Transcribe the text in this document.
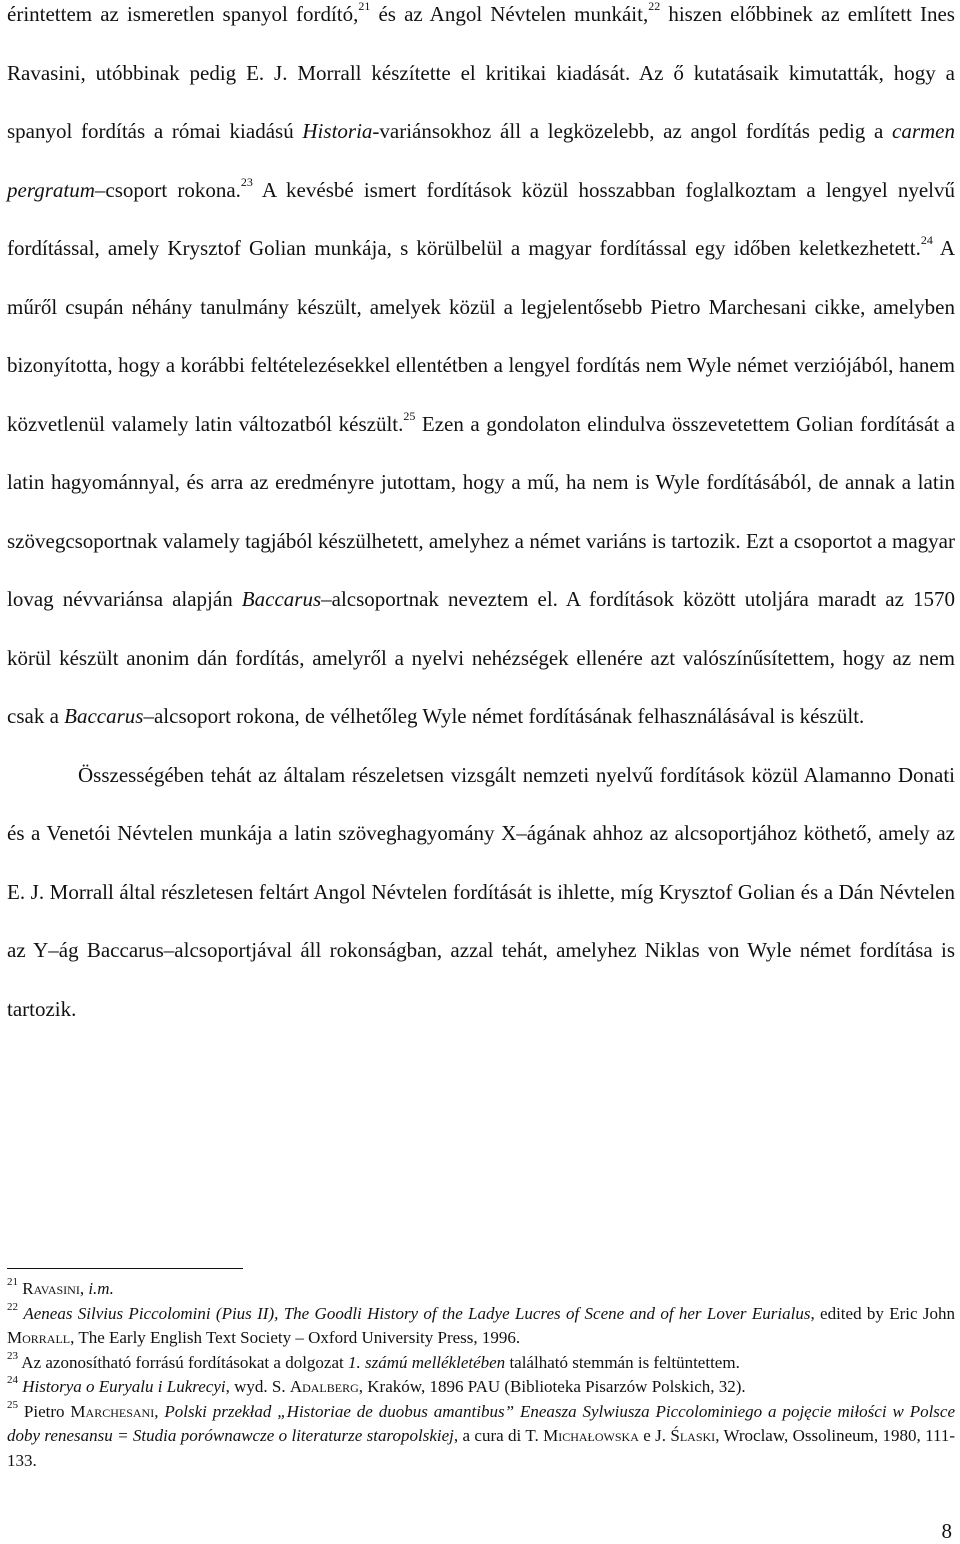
érintettem az ismeretlen spanyol fordító,$^{21}$ és az Angol Névtelen munkáit,$^{22}$ hiszen előbbinek az említett Ines Ravasini, utóbbinak pedig E. J. Morrall készítette el kritikai kiadását. Az ő kutatásaik kimutatták, hogy a spanyol fordítás a római kiadású Historia-variánsokhoz áll a legközelebb, az angol fordítás pedig a carmen pergratum–csoport rokona.$^{23}$ A kevésbé ismert fordítások közül hosszabban foglalkoztam a lengyel nyelvű fordítással, amely Krysztof Golian munkája, s körülbelül a magyar fordítással egy időben keletkezhetett.$^{24}$ A műről csupán néhány tanulmány készült, amelyek közül a legjelentősebb Pietro Marchesani cikke, amelyben bizonyította, hogy a korábbi feltételezésekkel ellentétben a lengyel fordítás nem Wyle német verziójából, hanem közvetlenül valamely latin változatból készült.$^{25}$ Ezen a gondolaton elindulva összevetettem Golian fordítását a latin hagyománnyal, és arra az eredményre jutottam, hogy a mű, ha nem is Wyle fordításából, de annak a latin szövegcsoportnak valamely tagjából készülhetett, amelyhez a német variáns is tartozik. Ezt a csoportot a magyar lovag névvariánsa alapján Baccarus–alcsoportnak neveztem el. A fordítások között utoljára maradt az 1570 körül készült anonim dán fordítás, amelyről a nyelvi nehézségek ellenére azt valószínűsítettem, hogy az nem csak a Baccarus–alcsoport rokona, de vélhetőleg Wyle német fordításának felhasználásával is készült.

Összességében tehát az általam részeletsen vizsgált nemzeti nyelvű fordítások közül Alamanno Donati és a Venetói Névtelen munkája a latin szöveghagyomány X–ágának ahhoz az alcsoportjához köthető, amely az E. J. Morrall által részletesen feltárt Angol Névtelen fordítását is ihlette, míg Krysztof Golian és a Dán Névtelen az Y–ág Baccarus–alcsoportjával áll rokonságban, azzal tehát, amelyhez Niklas von Wyle német fordítása is tartozik.

$^{21}$ Ravasini, i.m.

$^{22}$ Aeneas Silvius Piccolomini (Pius II), The Goodli History of the Ladye Lucres of Scene and of her Lover Eurialus, edited by Eric John Morrall, The Early English Text Society – Oxford University Press, 1996.

$^{23}$ Az azonosítható forrású fordításokat a dolgozat 1. számú mellékletében található stemmán is feltüntettem.

$^{24}$ Historya o Euryalu i Lukrecyi, wyd. S. Adalberg, Kraków, 1896 PAU (Biblioteka Pisarzów Polskich, 32).

$^{25}$ Pietro Marchesani, Polski przekład „Historiae de duobus amantibus” Eneasza Sylwiusza Piccolominiego a pojęcie miłości w Polsce doby renesansu = Studia porównawcze o literaturze staropolskiej, a cura di T. Michałowska e J. Ślaski, Wroclaw, Ossolineum, 1980, 111-133.

8
